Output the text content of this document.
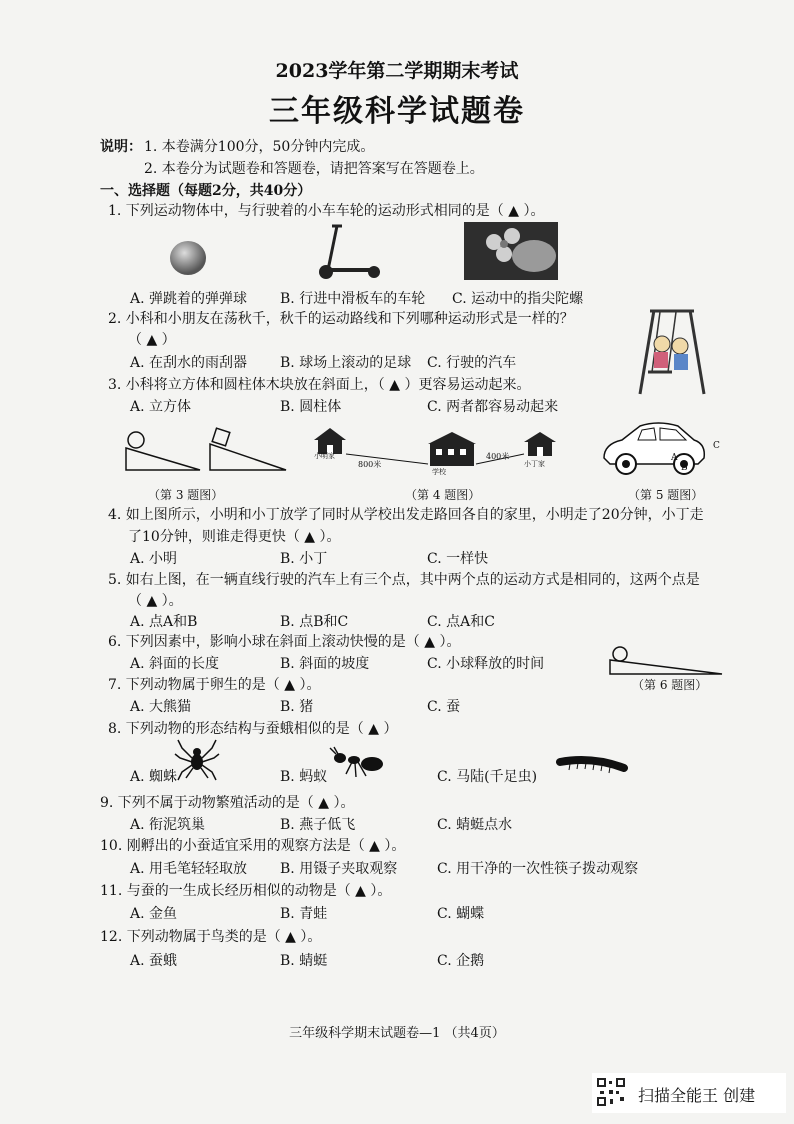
2023学年第二学期期末考试
三年级科学试题卷
说明： 1. 本卷满分100分，50分钟内完成。
2. 本卷分为试题卷和答题卷，请把答案写在答题卷上。
一、选择题（每题2分，共40分）
1. 下列运动物体中，与行驶着的小车车轮的运动形式相同的是（ ▲ ）。
A. 弹跳着的弹弹球 B. 行进中滑板车的车轮 C. 运动中的指尖陀螺
2. 小科和小朋友在荡秋千，秋千的运动路线和下列哪种运动形式是一样的？
（ ▲ ）
A. 在刮水的雨刮器 B. 球场上滚动的足球 C. 行驶的汽车
3. 小科将立方体和圆柱体木块放在斜面上，（ ▲ ）更容易运动起来。
A. 立方体	B. 圆柱体	C. 两者都容易动起来
（第 3 题图）
小明家
800米
学校
400米
小丁家
（第 4 题图）
A
B
C
（第 5 题图）
4. 如上图所示，小明和小丁放学了同时从学校出发走路回各自的家里，小明走了20分钟，小丁走
了10分钟，则谁走得更快（ ▲ ）。
A. 小明	B. 小丁	C. 一样快
5. 如右上图，在一辆直线行驶的汽车上有三个点，其中两个点的运动方式是相同的，这两个点是
（ ▲ ）。
A. 点A和B	B. 点B和C	C. 点A和C
6. 下列因素中，影响小球在斜面上滚动快慢的是（ ▲ ）。
A. 斜面的长度	B. 斜面的坡度	C. 小球释放的时间
（第 6 题图）
7. 下列动物属于卵生的是（ ▲ ）。
A. 大熊猫	B. 猪	C. 蚕
8. 下列动物的形态结构与蚕蛾相似的是（ ▲ ）
A. 蜘蛛	B. 蚂蚁	C. 马陆(千足虫)
9. 下列不属于动物繁殖活动的是（ ▲ ）。
A. 衔泥筑巢	B. 燕子低飞	C. 蜻蜓点水
10. 刚孵出的小蚕适宜采用的观察方法是（ ▲ ）。
A. 用毛笔轻轻取放 B. 用镊子夹取观察	C. 用干净的一次性筷子拨动观察
11. 与蚕的一生成长经历相似的动物是（ ▲ ）。
A. 金鱼	B. 青蛙	C. 蝴蝶
12. 下列动物属于鸟类的是（ ▲ ）。
A. 蚕蛾	B. 蜻蜓	C. 企鹅
三年级科学期末试题卷—1 （共4页）
扫描全能王 创建
